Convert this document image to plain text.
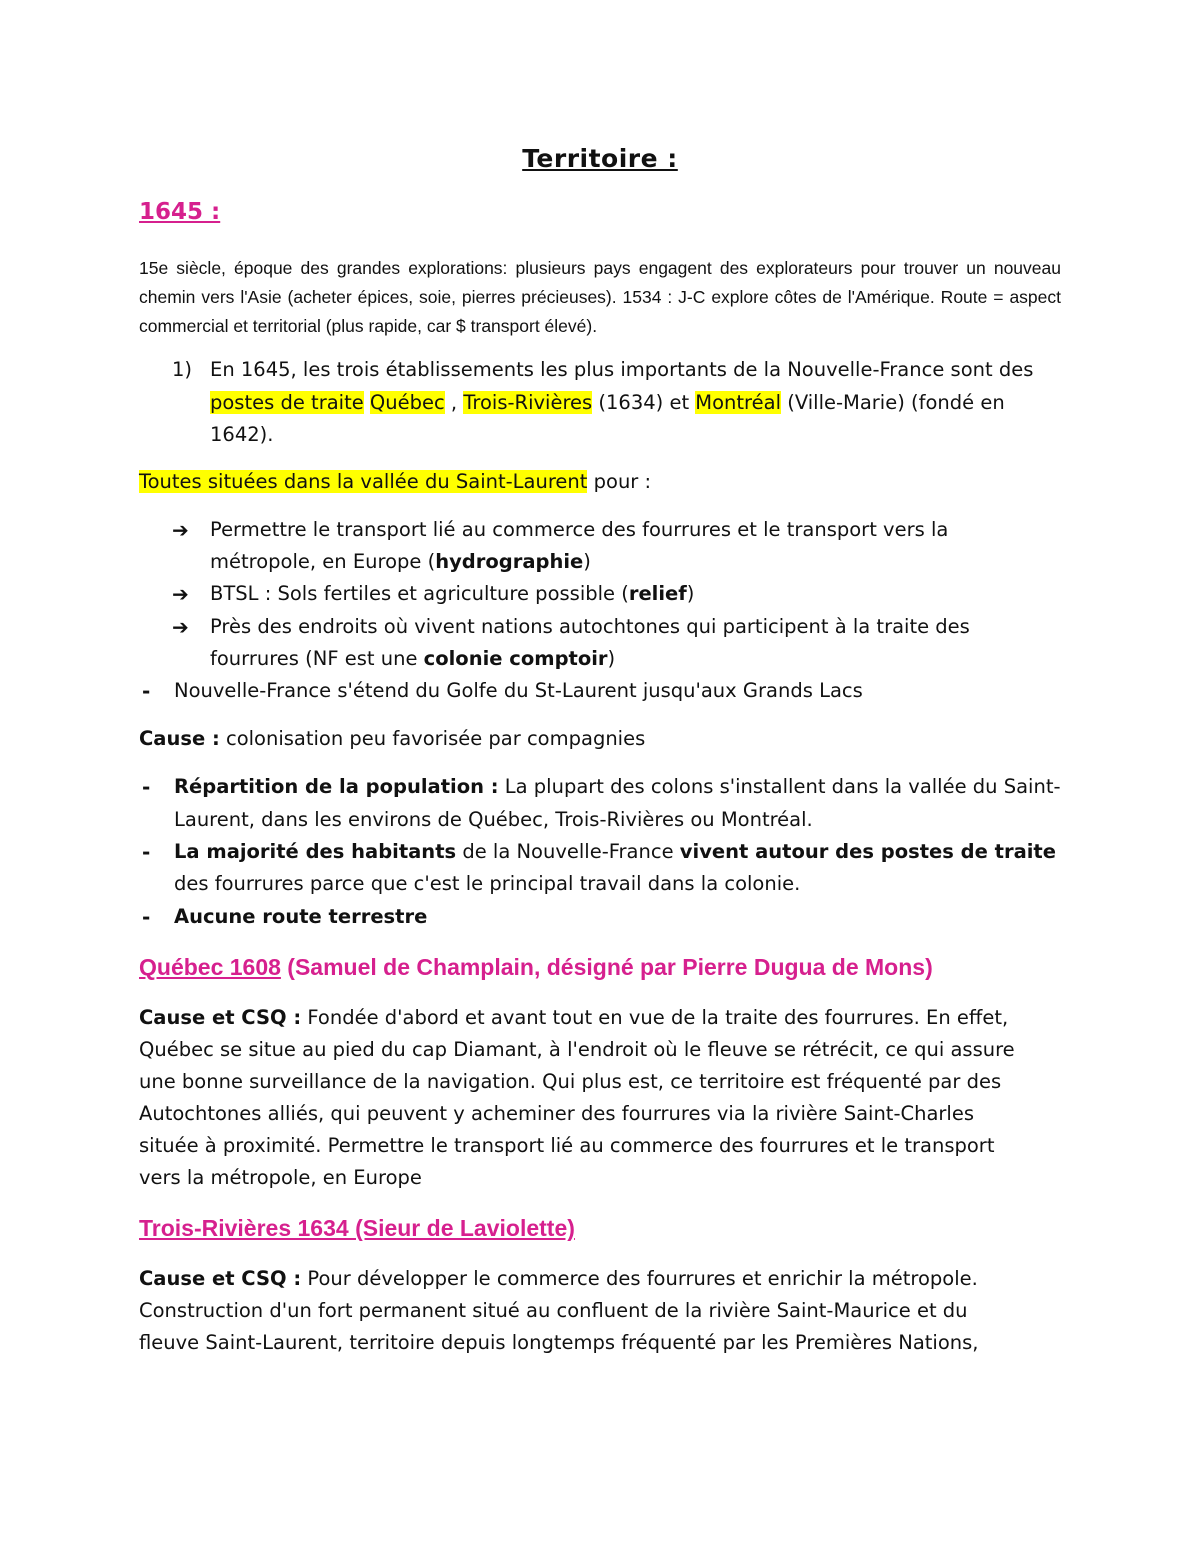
Territoire :
1645 :
15e siècle, époque des grandes explorations: plusieurs pays engagent des explorateurs pour trouver un nouveau chemin vers l'Asie (acheter épices, soie, pierres précieuses). 1534 : J-C explore côtes de l'Amérique. Route = aspect commercial et territorial (plus rapide, car $ transport élevé).
1) En 1645, les trois établissements les plus importants de la Nouvelle-France sont des
postes de traite Québec , Trois-Rivières (1634) et Montréal (Ville-Marie) (fondé en
1642).
Toutes situées dans la vallée du Saint-Laurent pour :
➔ Permettre le transport lié au commerce des fourrures et le transport vers la
métropole, en Europe (hydrographie)
➔ BTSL : Sols fertiles et agriculture possible (relief)
➔ Près des endroits où vivent nations autochtones qui participent à la traite des
fourrures (NF est une colonie comptoir)
- Nouvelle-France s'étend du Golfe du St-Laurent jusqu'aux Grands Lacs
Cause : colonisation peu favorisée par compagnies
- Répartition de la population : La plupart des colons s'installent dans la vallée du Saint-
Laurent, dans les environs de Québec, Trois-Rivières ou Montréal.
- La majorité des habitants de la Nouvelle-France vivent autour des postes de traite
des fourrures parce que c'est le principal travail dans la colonie.
- Aucune route terrestre
Québec 1608 (Samuel de Champlain, désigné par Pierre Dugua de Mons)
Cause et CSQ : Fondée d'abord et avant tout en vue de la traite des fourrures. En effet,
Québec se situe au pied du cap Diamant, à l'endroit où le fleuve se rétrécit, ce qui assure
une bonne surveillance de la navigation. Qui plus est, ce territoire est fréquenté par des
Autochtones alliés, qui peuvent y acheminer des fourrures via la rivière Saint-Charles
située à proximité. Permettre le transport lié au commerce des fourrures et le transport
vers la métropole, en Europe
Trois-Rivières 1634 (Sieur de Laviolette)
Cause et CSQ : Pour développer le commerce des fourrures et enrichir la métropole.
Construction d'un fort permanent situé au confluent de la rivière Saint-Maurice et du
fleuve Saint-Laurent, territoire depuis longtemps fréquenté par les Premières Nations,
